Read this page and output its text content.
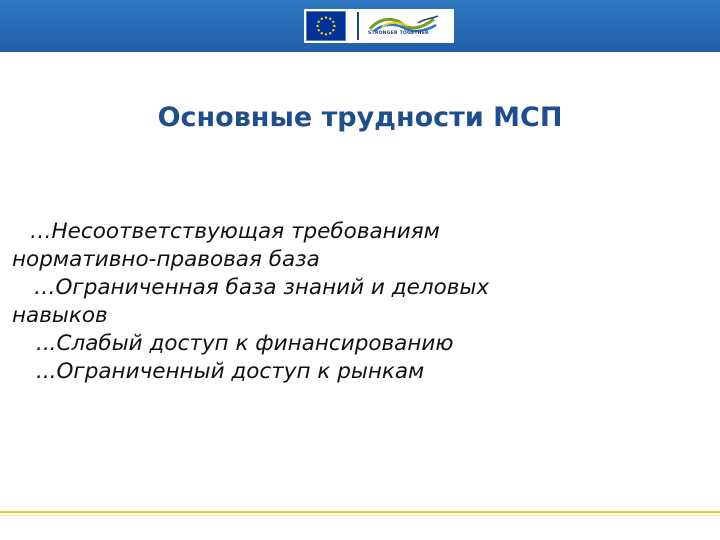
STRONGER TOGETHER
Основные трудности МСП
…Несоответствующая требованиям
нормативно-правовая база
…Ограниченная база знаний и деловых
навыков
...Слабый доступ к финансированию
...Ограниченный доступ к рынкам
